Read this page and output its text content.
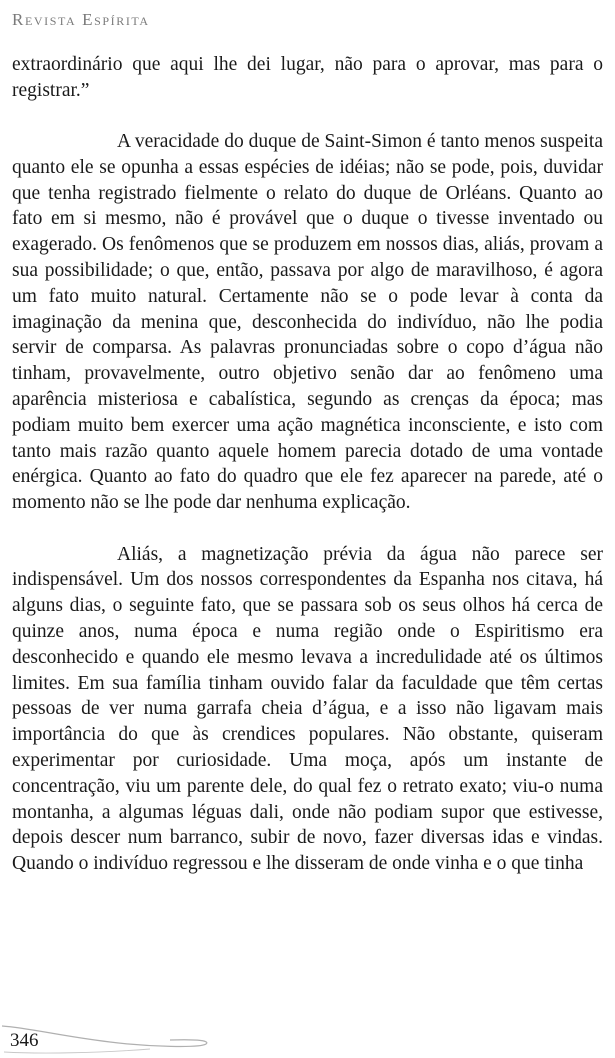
Revista Espírita

extraordinário que aqui lhe dei lugar, não para o aprovar, mas para o registrar.”

A veracidade do duque de Saint-Simon é tanto menos suspeita quanto ele se opunha a essas espécies de idéias; não se pode, pois, duvidar que tenha registrado fielmente o relato do duque de Orléans. Quanto ao fato em si mesmo, não é provável que o duque o tivesse inventado ou exagerado. Os fenômenos que se produzem em nossos dias, aliás, provam a sua possibilidade; o que, então, passava por algo de maravilhoso, é agora um fato muito natural. Certamente não se o pode levar à conta da imaginação da menina que, desconhecida do indivíduo, não lhe podia servir de comparsa. As palavras pronunciadas sobre o copo d’água não tinham, provavelmente, outro objetivo senão dar ao fenômeno uma aparência misteriosa e cabalística, segundo as crenças da época; mas podiam muito bem exercer uma ação magnética inconsciente, e isto com tanto mais razão quanto aquele homem parecia dotado de uma vontade enérgica. Quanto ao fato do quadro que ele fez aparecer na parede, até o momento não se lhe pode dar nenhuma explicação.

Aliás, a magnetização prévia da água não parece ser indispensável. Um dos nossos correspondentes da Espanha nos citava, há alguns dias, o seguinte fato, que se passara sob os seus olhos há cerca de quinze anos, numa época e numa região onde o Espiritismo era desconhecido e quando ele mesmo levava a incredulidade até os últimos limites. Em sua família tinham ouvido falar da faculdade que têm certas pessoas de ver numa garrafa cheia d’água, e a isso não ligavam mais importância do que às crendices populares. Não obstante, quiseram experimentar por curiosidade. Uma moça, após um instante de concentração, viu um parente dele, do qual fez o retrato exato; viu-o numa montanha, a algumas léguas dali, onde não podiam supor que estivesse, depois descer num barranco, subir de novo, fazer diversas idas e vindas. Quando o indivíduo regressou e lhe disseram de onde vinha e o que tinha

346
